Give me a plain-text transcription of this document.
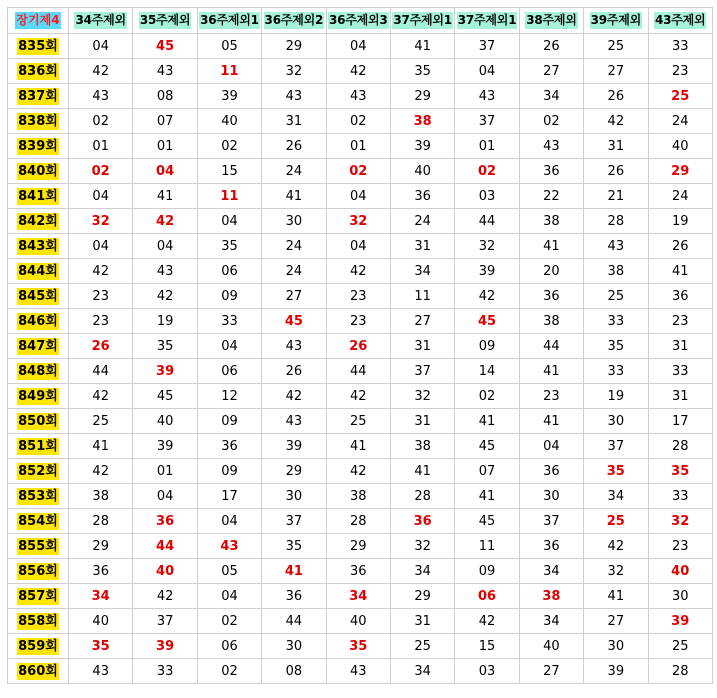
장기제4	34주제외	35주제외	36주제외1	36주제외2	36주제외3	37주제외1	37주제외1	38주제외	39주제외	43주제외
835회	04	45	05	29	04	41	37	26	25	33
836회	42	43	11	32	42	35	04	27	27	23
837회	43	08	39	43	43	29	43	34	26	25
838회	02	07	40	31	02	38	37	02	42	24
839회	01	01	02	26	01	39	01	43	31	40
840회	02	04	15	24	02	40	02	36	26	29
841회	04	41	11	41	04	36	03	22	21	24
842회	32	42	04	30	32	24	44	38	28	19
843회	04	04	35	24	04	31	32	41	43	26
844회	42	43	06	24	42	34	39	20	38	41
845회	23	42	09	27	23	11	42	36	25	36
846회	23	19	33	45	23	27	45	38	33	23
847회	26	35	04	43	26	31	09	44	35	31
848회	44	39	06	26	44	37	14	41	33	33
849회	42	45	12	42	42	32	02	23	19	31
850회	25	40	09	43	25	31	41	41	30	17
851회	41	39	36	39	41	38	45	04	37	28
852회	42	01	09	29	42	41	07	36	35	35
853회	38	04	17	30	38	28	41	30	34	33
854회	28	36	04	37	28	36	45	37	25	32
855회	29	44	43	35	29	32	11	36	42	23
856회	36	40	05	41	36	34	09	34	32	40
857회	34	42	04	36	34	29	06	38	41	30
858회	40	37	02	44	40	31	42	34	27	39
859회	35	39	06	30	35	25	15	40	30	25
860회	43	33	02	08	43	34	03	27	39	28
